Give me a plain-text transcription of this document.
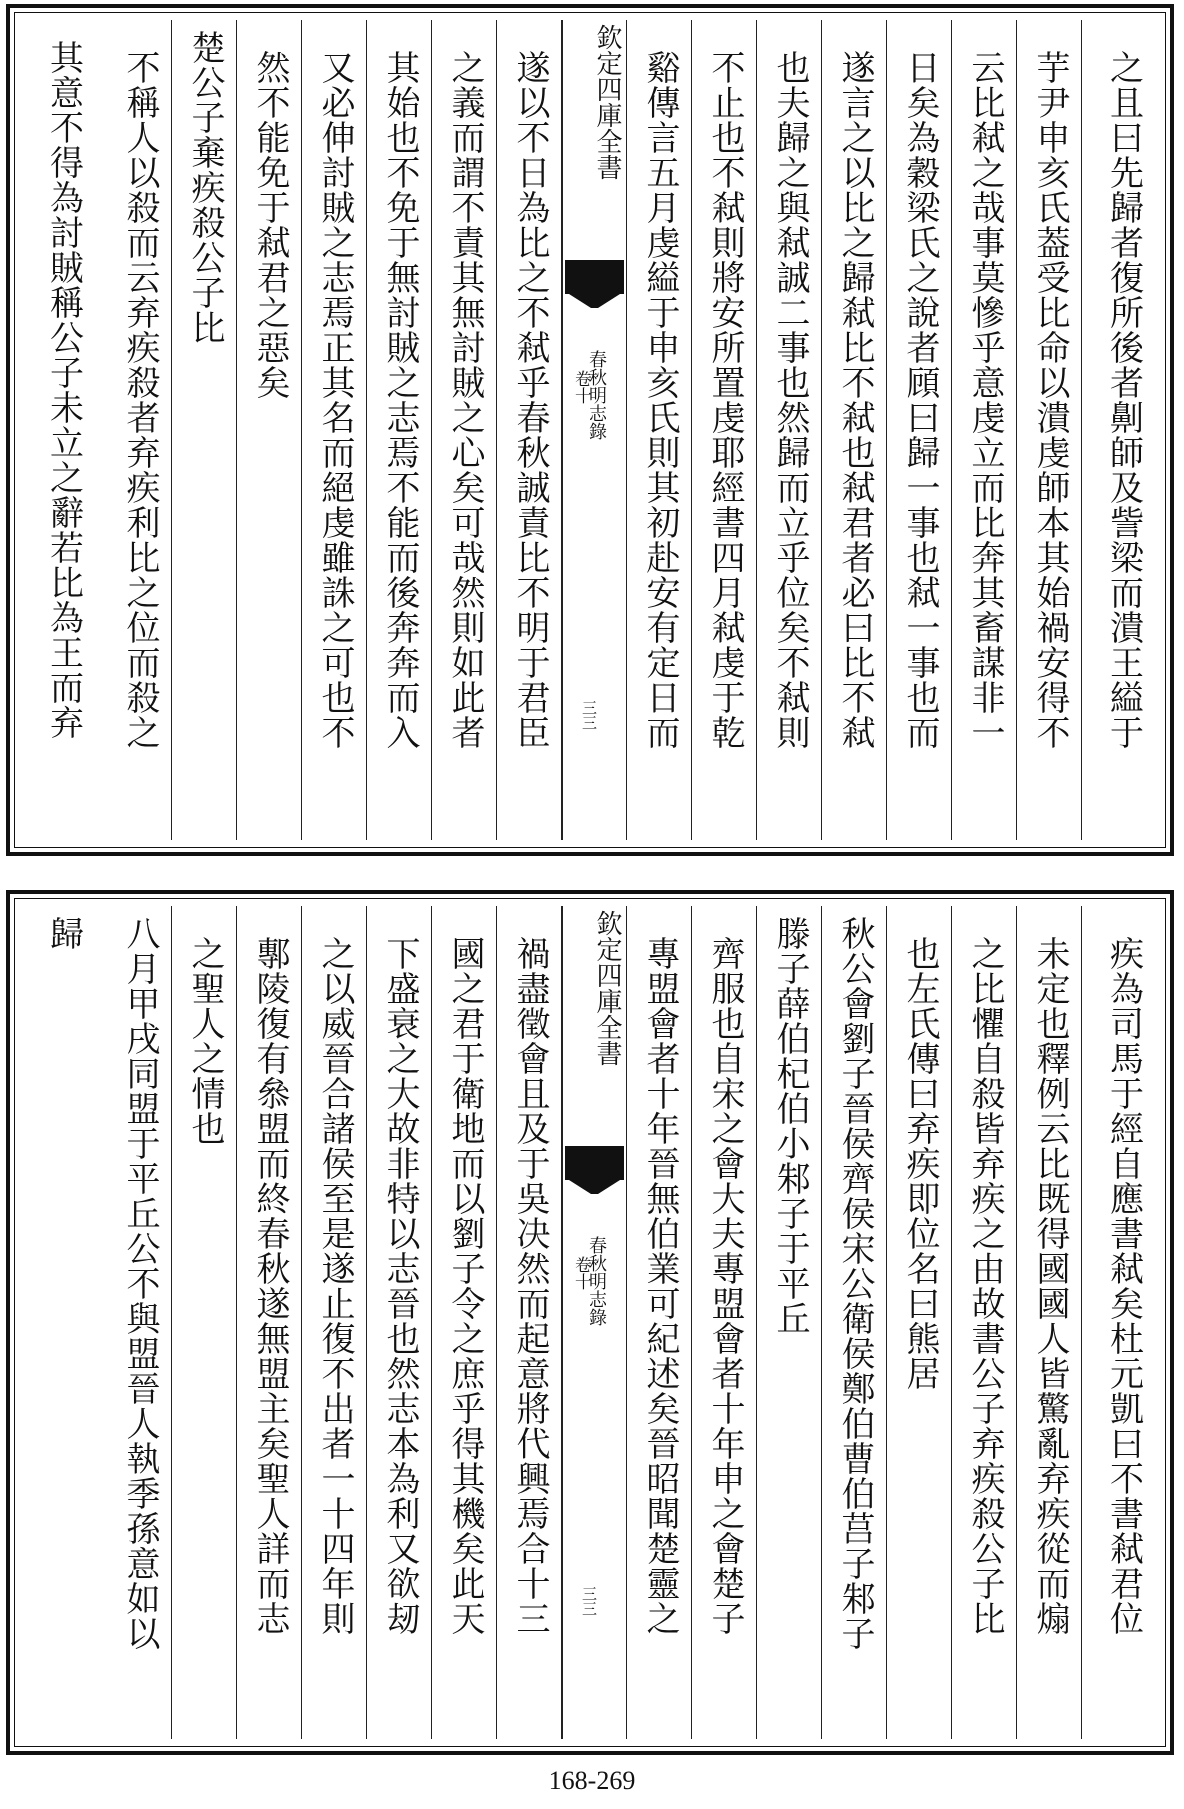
之且曰先歸者復所後者劓師及訾梁而潰王縊于
芋尹申亥氏葢受比命以潰虔師本其始禍安得不
云比弒之哉事莫慘乎意虔立而比奔其畜謀非一
日矣為穀梁氏之說者頋曰歸一事也弒一事也而
遂言之以比之歸弒比不弒也弒君者必曰比不弒
也夫歸之與弒誠二事也然歸而立乎位矣不弒則
不止也不弒則將安所置虔耶經書四月弒虔于乾
谿傳言五月虔縊于申亥氏則其初赴安有定日而
欽定四庫全書
春秋明志錄
卷十
三三
遂以不日為比之不弒乎春秋誠責比不明于君臣
之義而謂不責其無討賊之心矣可哉然則如此者
其始也不免于無討賊之志焉不能而後奔奔而入
又必伸討賊之志焉正其名而絕虔雖誅之可也不
然不能免于弒君之惡矣
楚公子棄疾殺公子比
不稱人以殺而云弃疾殺者弃疾利比之位而殺之
其意不得為討賊稱公子未立之辭若比為王而弃
疾為司馬于經自應書弒矣杜元凱曰不書弒君位
未定也釋例云比既得國國人皆驚亂弃疾從而煽
之比懼自殺皆弃疾之由故書公子弃疾殺公子比
也左氏傳曰弃疾即位名曰熊居
秋公會劉子晉侯齊侯宋公衛侯鄭伯曹伯莒子邾子
滕子薛伯杞伯小邾子于平丘
齊服也自宋之會大夫專盟會者十年申之會楚子
專盟會者十年晉無伯業可紀述矣晉昭聞楚靈之
欽定四庫全書
春秋明志錄
卷十
三三
禍盡徵會且及于吳决然而起意將代興焉合十三
國之君于衛地而以劉子令之庶乎得其機矣此天
下盛衰之大故非特以志晉也然志本為利又欲刼
之以威晉合諸侯至是遂止復不出者一十四年則
鄟陵復有叅盟而終春秋遂無盟主矣聖人詳而志
之聖人之情也
八月甲戌同盟于平丘公不與盟晉人執季孫意如以
歸
168-269
